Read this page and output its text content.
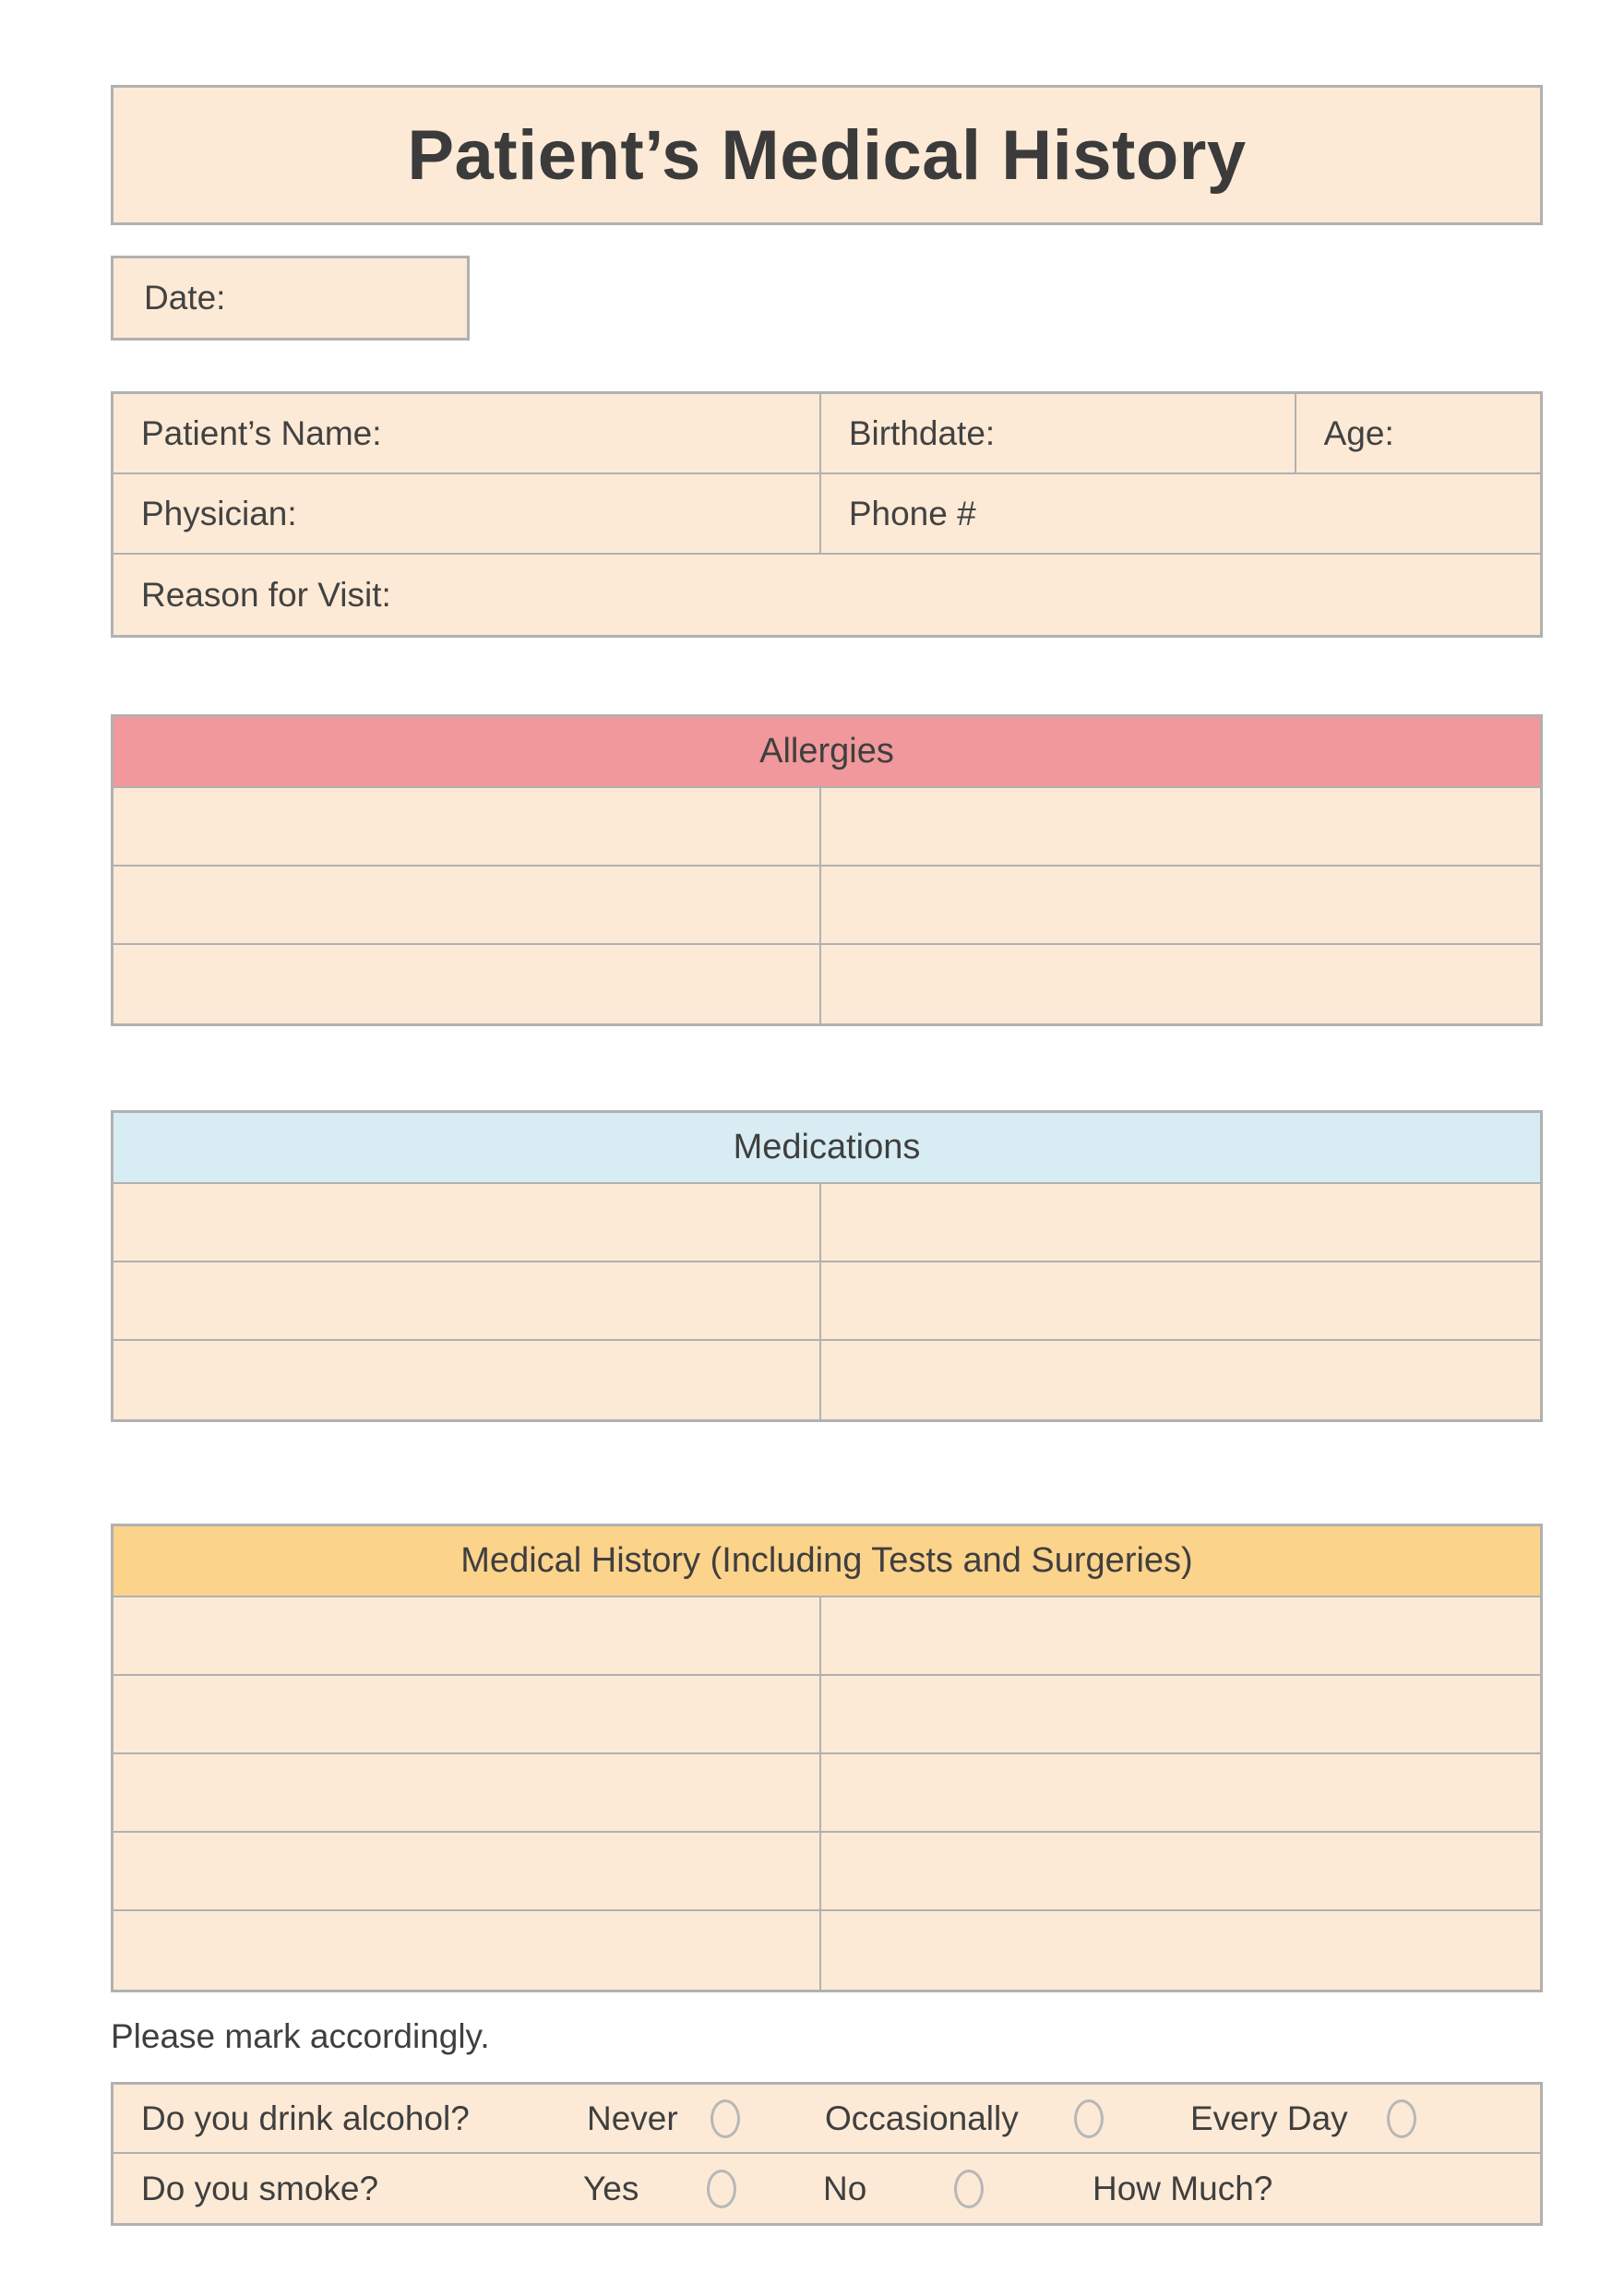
Patient’s Medical History
Date:
Patient’s Name:	Birthdate:	Age:
Physician:	Phone #
Reason for Visit:
Allergies
Medications
Medical History (Including Tests and Surgeries)
Please mark accordingly.
Do you drink alcohol?	Never	Occasionally	Every Day
Do you smoke?	Yes	No	How Much?
